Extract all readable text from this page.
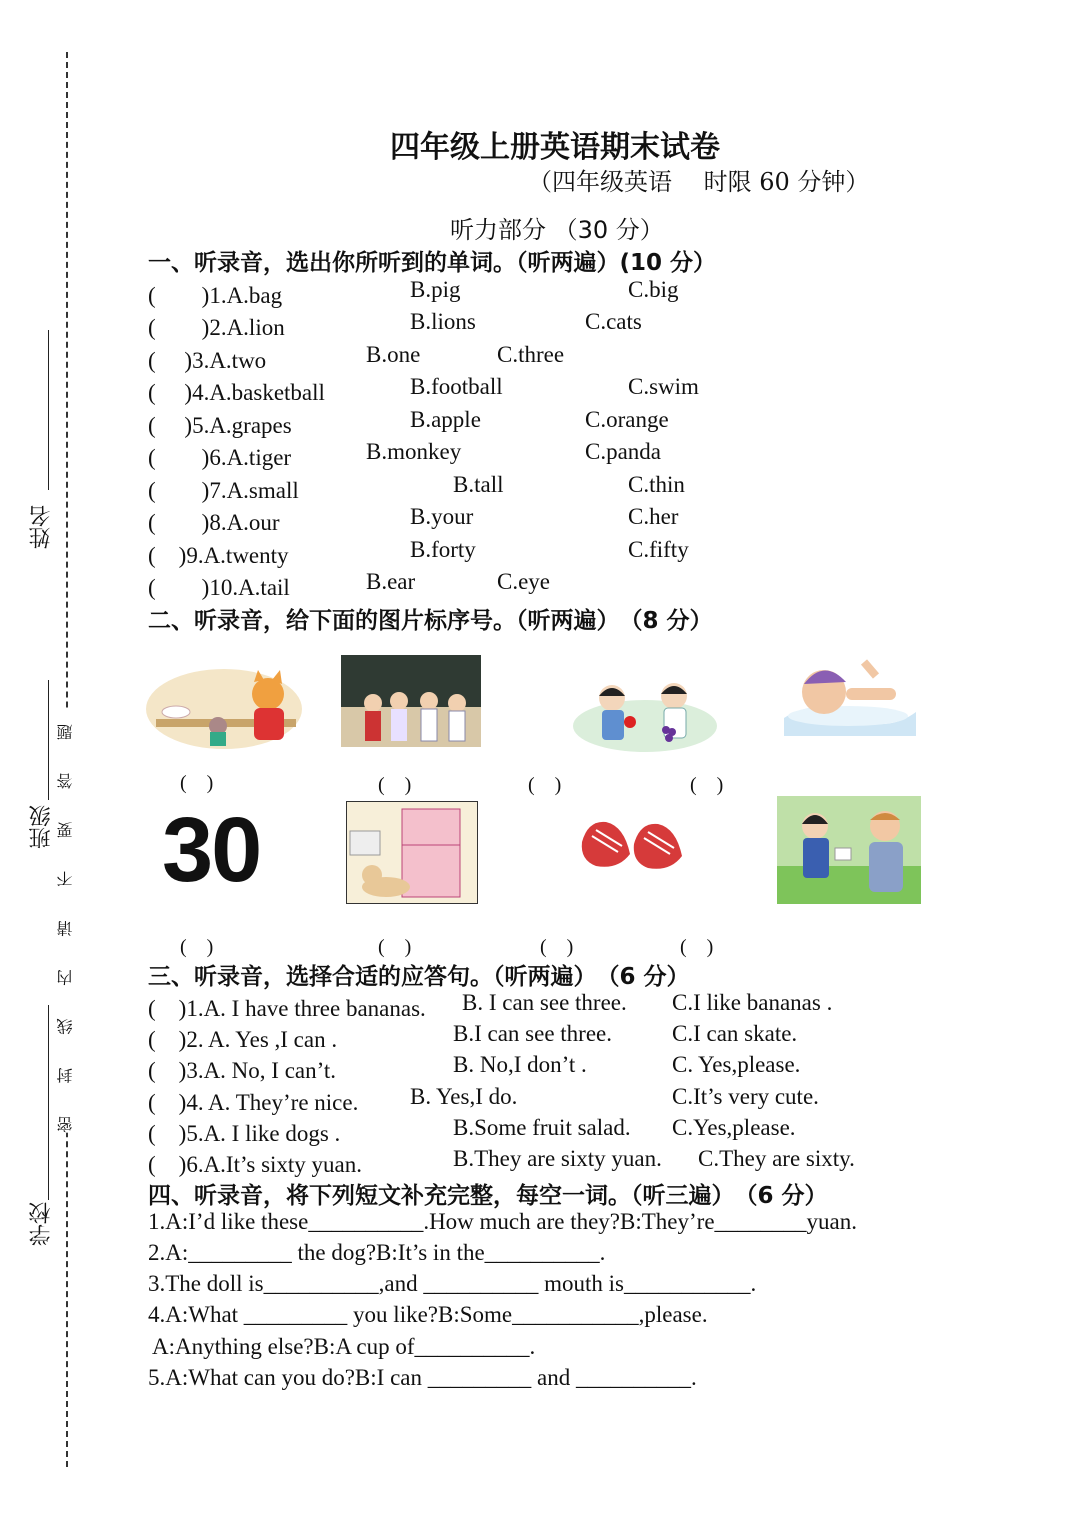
姓名
班级
学校
密 封 线 内 请 不 要 答 题
四年级上册英语期末试卷
（四年级英语　 时限 60 分钟）
听力部分 （30 分）
一、听录音，选出你所听到的单词。（听两遍）(10 分）
(　　)1.A.bag	B.pig	C.big
(　　)2.A.lion	B.lions	C.cats
(　 )3.A.two	B.one	C.three
(　 )4.A.basketball	B.football	C.swim
(　 )5.A.grapes	B.apple	C.orange
(　　)6.A.tiger	B.monkey	C.panda
(　　)7.A.small	B.tall	C.thin
(　　)8.A.our	B.your	C.her
(　)9.A.twenty	B.forty	C.fifty
(　　)10.A.tail	B.ear	C.eye
二、听录音，给下面的图片标序号。（听两遍）　（8 分）
(　)	(　)	(　)	(　)
30
(　)	(　)	(　)	(　)
三、听录音，选择合适的应答句。（听两遍）　（6 分）
(　)1.A. I have three bananas. B. I can see three. C.I like bananas .
(　)2. A. Yes ,I can .	B.I can see three.	C.I can skate.
(　)3.A. No, I can’t.	B. No,I don’t .	C. Yes,please.
(　)4. A. They’re nice. B. Yes,I do.	C.It’s very cute.
(　)5.A. I like dogs .	B.Some fruit salad. C.Yes,please.
(　)6.A.It’s sixty yuan.	B.They are sixty yuan. C.They are sixty.
四、听录音，将下列短文补充完整，每空一词。（听三遍）　（6 分）
1.A:I’d like these__________.How much are they?B:They’re________yuan.
2.A:_________ the dog?B:It’s in the__________.
3.The doll is__________,and __________ mouth is___________.
4.A:What _________ you like?B:Some___________,please.
A:Anything else?B:A cup of__________.
5.A:What can you do?B:I can _________ and __________.
